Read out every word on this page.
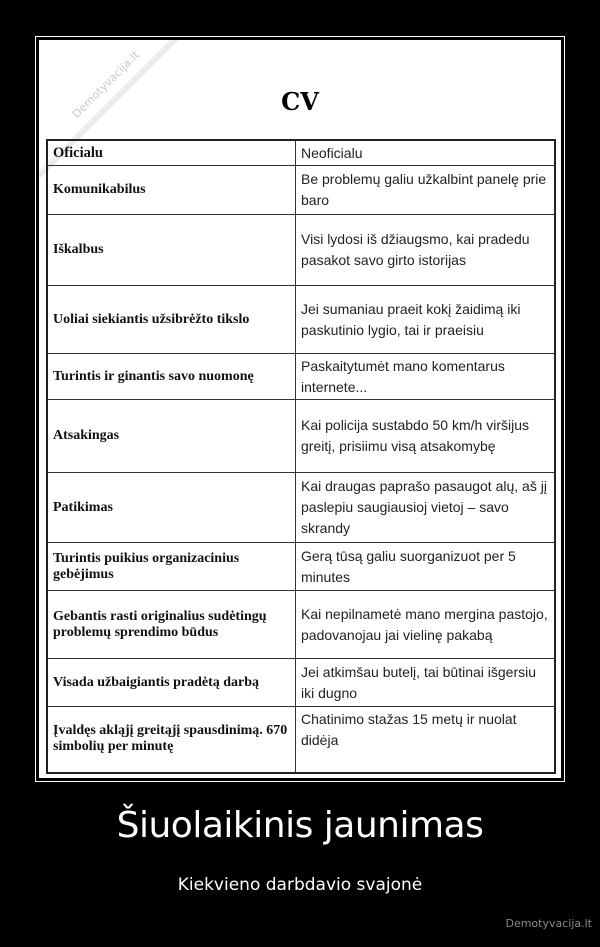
Demotyvacija.lt	CV
Oficialu	Neoficialu
Komunikabilus	Be problemų galiu užkalbint panelę prie baro
Iškalbus	Visi lydosi iš džiaugsmo, kai pradedu pasakot savo girto istorijas
Uoliai siekiantis užsibrėžto tikslo	Jei sumaniau praeit kokį žaidimą iki paskutinio lygio, tai ir praeisiu
Turintis ir ginantis savo nuomonę	Paskaitytumėt mano komentarus internete...
Atsakingas	Kai policija sustabdo 50 km/h viršijus greitį, prisiimu visą atsakomybę
Patikimas	Kai draugas paprašo pasaugot alų, aš jį paslepiu saugiausioj vietoj – savo skrandy
Turintis puikius organizacinius gebėjimus	Gerą tūsą galiu suorganizuot per 5 minutes
Gebantis rasti originalius sudėtingų problemų sprendimo būdus	Kai nepilnametė mano mergina pastojo, padovanojau jai vielinę pakabą
Visada užbaigiantis pradėtą darbą	Jei atkimšau butelį, tai būtinai išgersiu iki dugno
Įvaldęs akląjį greitąjį spausdinimą. 670 simbolių per minutę	Chatinimo stažas 15 metų ir nuolat didėja
Šiuolaikinis jaunimas
Kiekvieno darbdavio svajonė
Demotyvacija.lt
